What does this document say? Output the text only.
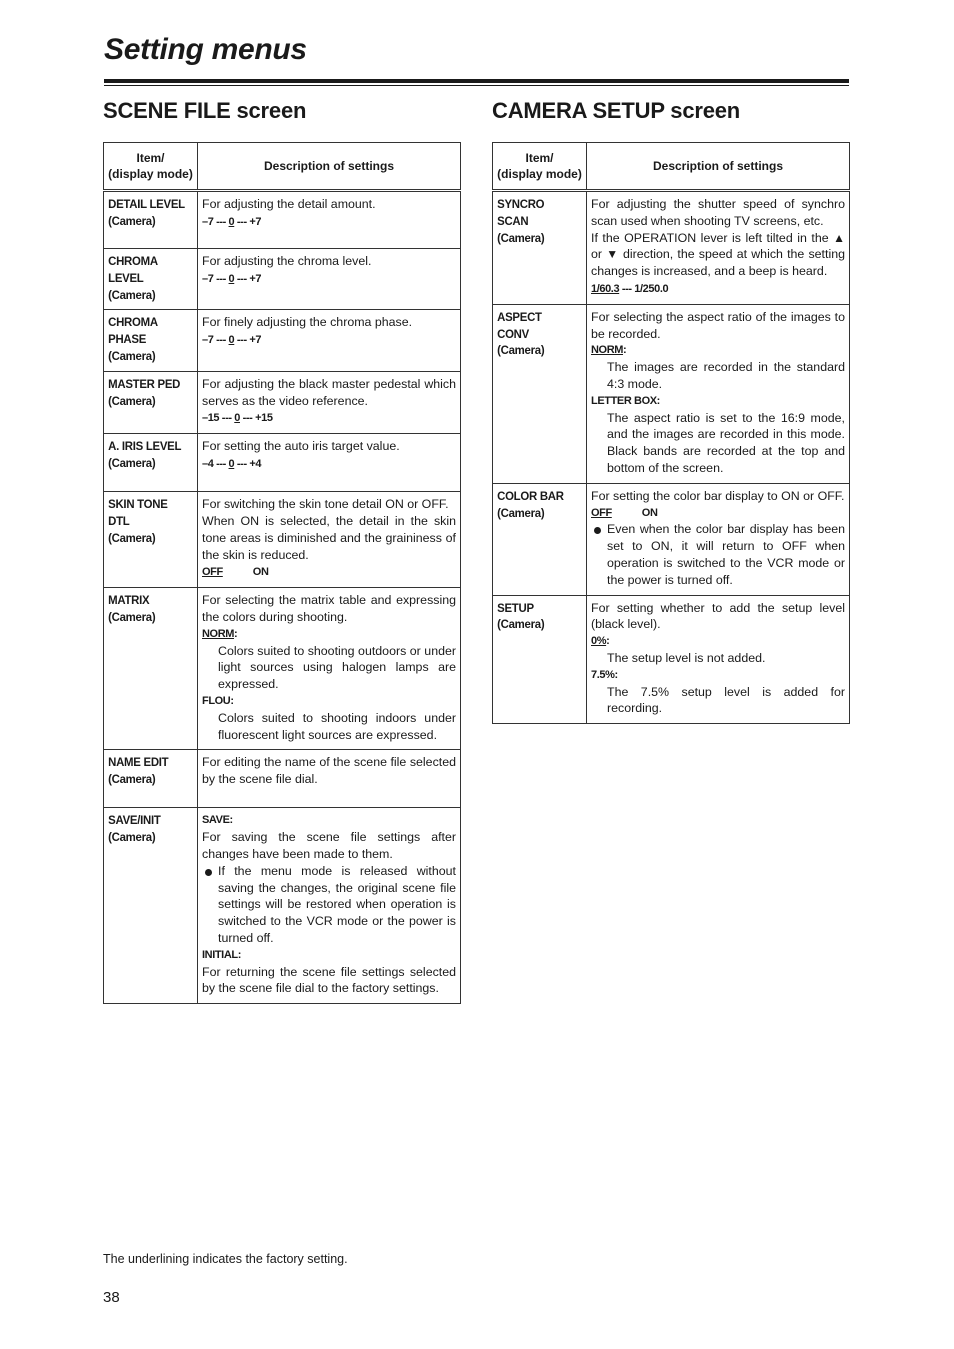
Setting menus
SCENE FILE screen	CAMERA SETUP screen
Item/
(display mode)	Description of settings

DETAIL LEVEL
(Camera)	For adjusting the detail amount.
–7 --- 0 --- +7

CHROMA LEVEL
(Camera)	For adjusting the chroma level.
–7 --- 0 --- +7

CHROMA PHASE
(Camera)	For finely adjusting the chroma phase.
–7 --- 0 --- +7

MASTER PED
(Camera)	For adjusting the black master pedestal which serves as the video reference.
–15 --- 0 --- +15

A. IRIS LEVEL
(Camera)	For setting the auto iris target value.
–4 --- 0 --- +4

SKIN TONE DTL
(Camera)	For switching the skin tone detail ON or OFF.
When ON is selected, the detail in the skin tone areas is diminished and the graininess of the skin is reduced.
OFF ON

MATRIX
(Camera)	For selecting the matrix table and expressing the colors during shooting.
NORM:
Colors suited to shooting outdoors or under light sources using halogen lamps are expressed.
FLOU:
Colors suited to shooting indoors under fluorescent light sources are expressed.

NAME EDIT
(Camera)	For editing the name of the scene file selected by the scene file dial.

SAVE/INIT
(Camera)	SAVE:
For saving the scene file settings after changes have been made to them.
If the menu mode is released without saving the changes, the original scene file settings will be restored when operation is switched to the VCR mode or the power is turned off.
INITIAL:
For returning the scene file settings selected by the scene file dial to the factory settings.
Item/
(display mode)	Description of settings

SYNCRO SCAN
(Camera)	For adjusting the shutter speed of synchro scan used when shooting TV screens, etc.
If the OPERATION lever is left tilted in the ▲ or ▼ direction, the speed at which the setting changes is increased, and a beep is heard.
1/60.3 --- 1/250.0

ASPECT CONV
(Camera)	For selecting the aspect ratio of the images to be recorded.
NORM:
The images are recorded in the standard 4:3 mode.
LETTER BOX:
The aspect ratio is set to the 16:9 mode, and the images are recorded in this mode. Black bands are recorded at the top and bottom of the screen.

COLOR BAR
(Camera)	For setting the color bar display to ON or OFF.
OFF ON
Even when the color bar display has been set to ON, it will return to OFF when operation is switched to the VCR mode or the power is turned off.

SETUP
(Camera)	For setting whether to add the setup level (black level).
0%:
The setup level is not added.
7.5%:
The 7.5% setup level is added for recording.
The underlining indicates the factory setting.
38
